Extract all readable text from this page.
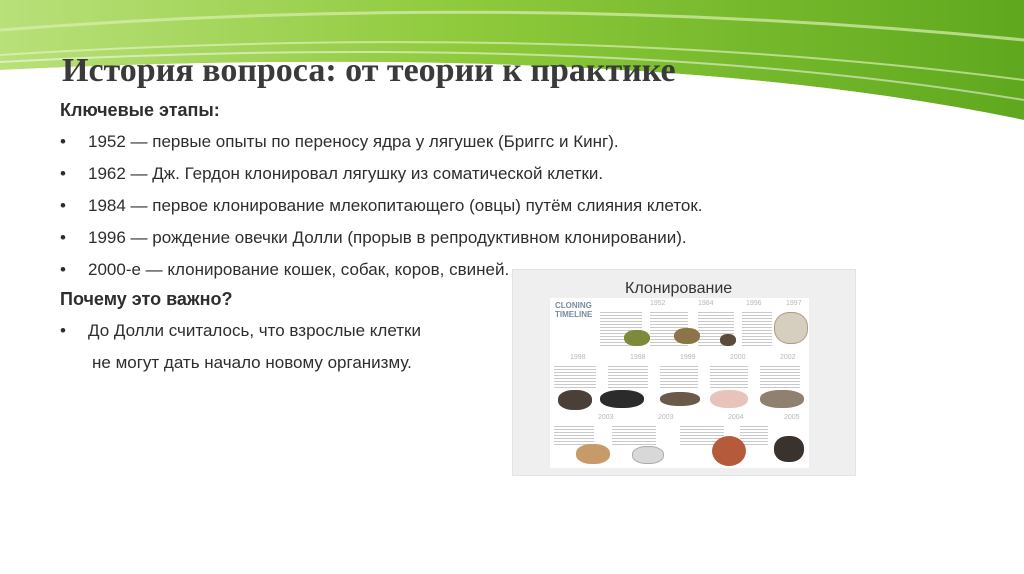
История вопроса: от теории к практике
Ключевые этапы:
• 1952 — первые опыты по переносу ядра у лягушек (Бриггс и Кинг).
• 1962 — Дж. Гердон клонировал лягушку из соматической клетки.
• 1984 — первое клонирование млекопитающего (овцы) путём слияния клеток.
• 1996 — рождение овечки Долли (прорыв в репродуктивном клонировании).
• 2000-е — клонирование кошек, собак, коров, свиней.
Почему это важно?
• До Долли считалось, что взрослые клетки
не могут дать начало новому организму.
Клонирование
CLONING TIMELINE
1952	1984	1996	1997
1998	1998	1999	2000	2002
2003	2003	2004	2005
